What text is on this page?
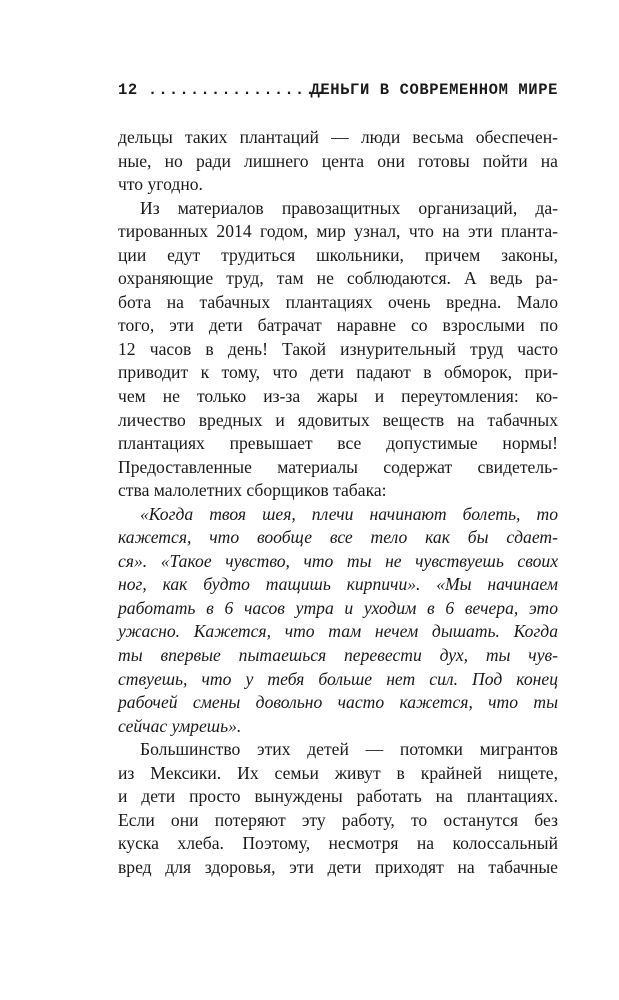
12 .................
ДЕНЬГИ В СОВРЕМЕННОМ МИРЕ
дельцы таких плантаций — люди весьма обеспечен-
ные, но ради лишнего цента они готовы пойти на
что угодно.
Из материалов правозащитных организаций, да-
тированных 2014 годом, мир узнал, что на эти планта-
ции едут трудиться школьники, причем законы,
охраняющие труд, там не соблюдаются. А ведь ра-
бота на табачных плантациях очень вредна. Мало
того, эти дети батрачат наравне со взрослыми по
12 часов в день! Такой изнурительный труд часто
приводит к тому, что дети падают в обморок, при-
чем не только из-за жары и переутомления: ко-
личество вредных и ядовитых веществ на табачных
плантациях превышает все допустимые нормы!
Предоставленные материалы содержат свидетель-
ства малолетних сборщиков табака:
«Когда твоя шея, плечи начинают болеть, то
кажется, что вообще все тело как бы сдает-
ся». «Такое чувство, что ты не чувствуешь своих
ног, как будто тащишь кирпичи». «Мы начинаем
работать в 6 часов утра и уходим в 6 вечера, это
ужасно. Кажется, что там нечем дышать. Когда
ты впервые пытаешься перевести дух, ты чув-
ствуешь, что у тебя больше нет сил. Под конец
рабочей смены довольно часто кажется, что ты
сейчас умрешь».
Большинство этих детей — потомки мигрантов
из Мексики. Их семьи живут в крайней нищете,
и дети просто вынуждены работать на плантациях.
Если они потеряют эту работу, то останутся без
куска хлеба. Поэтому, несмотря на колоссальный
вред для здоровья, эти дети приходят на табачные
